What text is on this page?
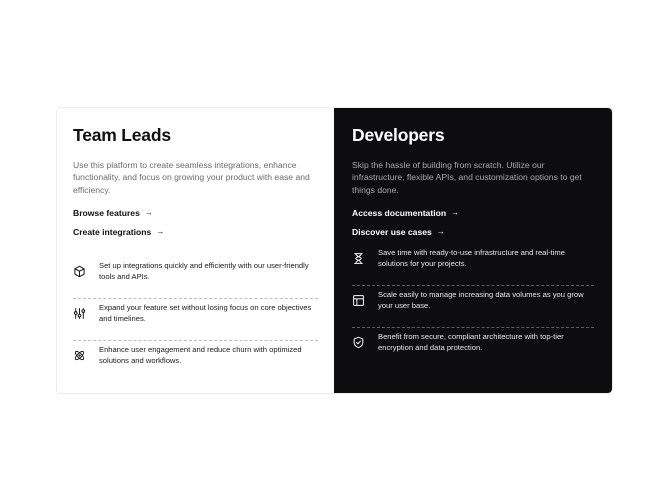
Team Leads

Use this platform to create seamless integrations, enhance functionality, and focus on growing your product with ease and efficiency.

Browse features →
Create integrations →
Set up integrations quickly and efficiently with our user-friendly tools and APIs.
Expand your feature set without losing focus on core objectives and timelines.
Enhance user engagement and reduce churn with optimized solutions and workflows.
Developers

Skip the hassle of building from scratch. Utilize our infrastructure, flexible APIs, and customization options to get things done.

Access documentation →
Discover use cases →
Save time with ready-to-use infrastructure and real-time solutions for your projects.
Scale easily to manage increasing data volumes as you grow your user base.
Benefit from secure, compliant architecture with top-tier encryption and data protection.
